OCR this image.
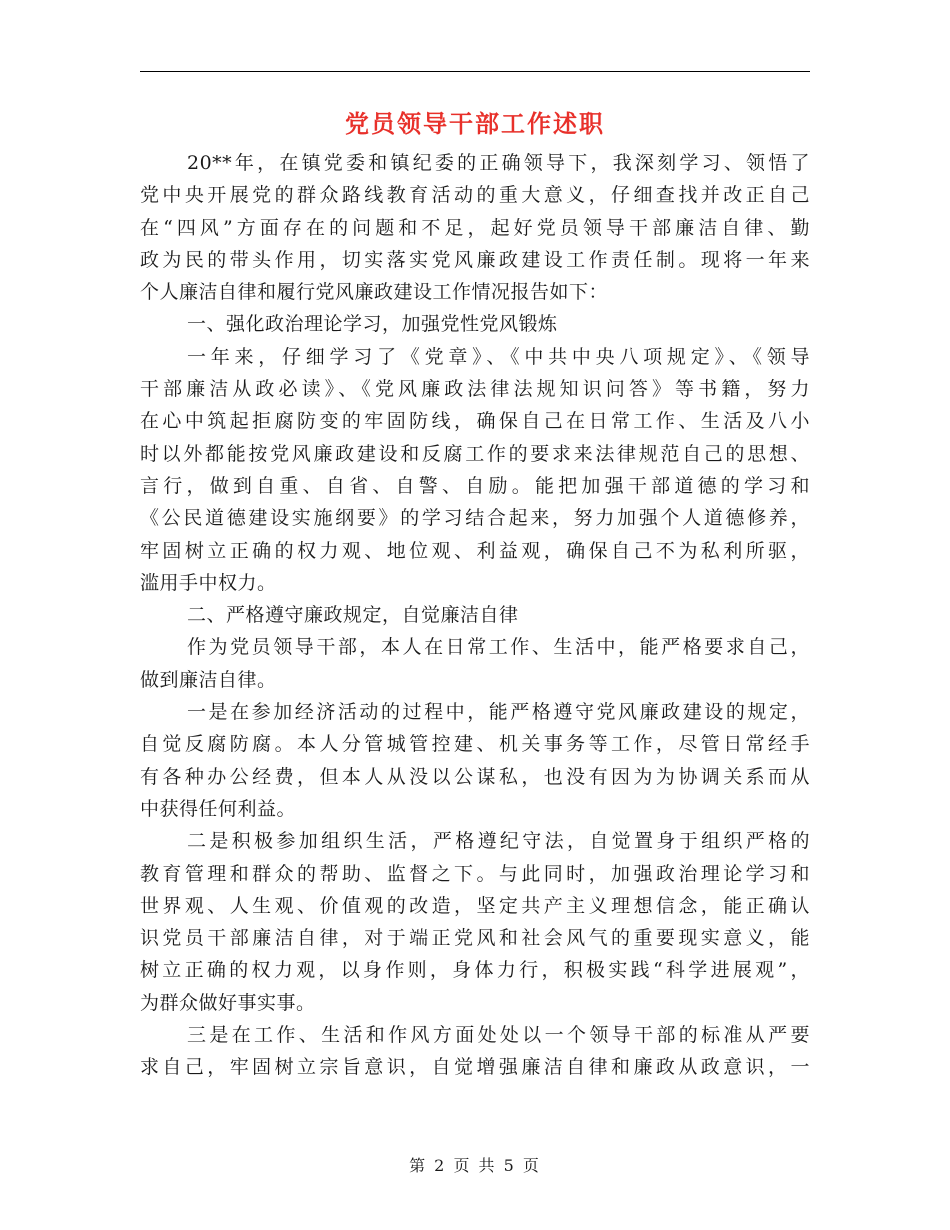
党员领导干部工作述职
20**年，在镇党委和镇纪委的正确领导下，我深刻学习、领悟了
党中央开展党的群众路线教育活动的重大意义，仔细查找并改正自己
在“四风”方面存在的问题和不足，起好党员领导干部廉洁自律、勤
政为民的带头作用，切实落实党风廉政建设工作责任制。现将一年来
个人廉洁自律和履行党风廉政建设工作情况报告如下：
一、强化政治理论学习，加强党性党风锻炼
一年来，仔细学习了《党章》、《中共中央八项规定》、《领导
干部廉洁从政必读》、《党风廉政法律法规知识问答》等书籍，努力
在心中筑起拒腐防变的牢固防线，确保自己在日常工作、生活及八小
时以外都能按党风廉政建设和反腐工作的要求来法律规范自己的思想、
言行，做到自重、自省、自警、自励。能把加强干部道德的学习和
《公民道德建设实施纲要》的学习结合起来，努力加强个人道德修养，
牢固树立正确的权力观、地位观、利益观，确保自己不为私利所驱，
滥用手中权力。
二、严格遵守廉政规定，自觉廉洁自律
作为党员领导干部，本人在日常工作、生活中，能严格要求自己，
做到廉洁自律。
一是在参加经济活动的过程中，能严格遵守党风廉政建设的规定，
自觉反腐防腐。本人分管城管控建、机关事务等工作，尽管日常经手
有各种办公经费，但本人从没以公谋私，也没有因为为协调关系而从
中获得任何利益。
二是积极参加组织生活，严格遵纪守法，自觉置身于组织严格的
教育管理和群众的帮助、监督之下。与此同时，加强政治理论学习和
世界观、人生观、价值观的改造，坚定共产主义理想信念，能正确认
识党员干部廉洁自律，对于端正党风和社会风气的重要现实意义，能
树立正确的权力观，以身作则，身体力行，积极实践“科学进展观”，
为群众做好事实事。
三是在工作、生活和作风方面处处以一个领导干部的标准从严要
求自己，牢固树立宗旨意识，自觉增强廉洁自律和廉政从政意识，一
第 2 页 共 5 页
